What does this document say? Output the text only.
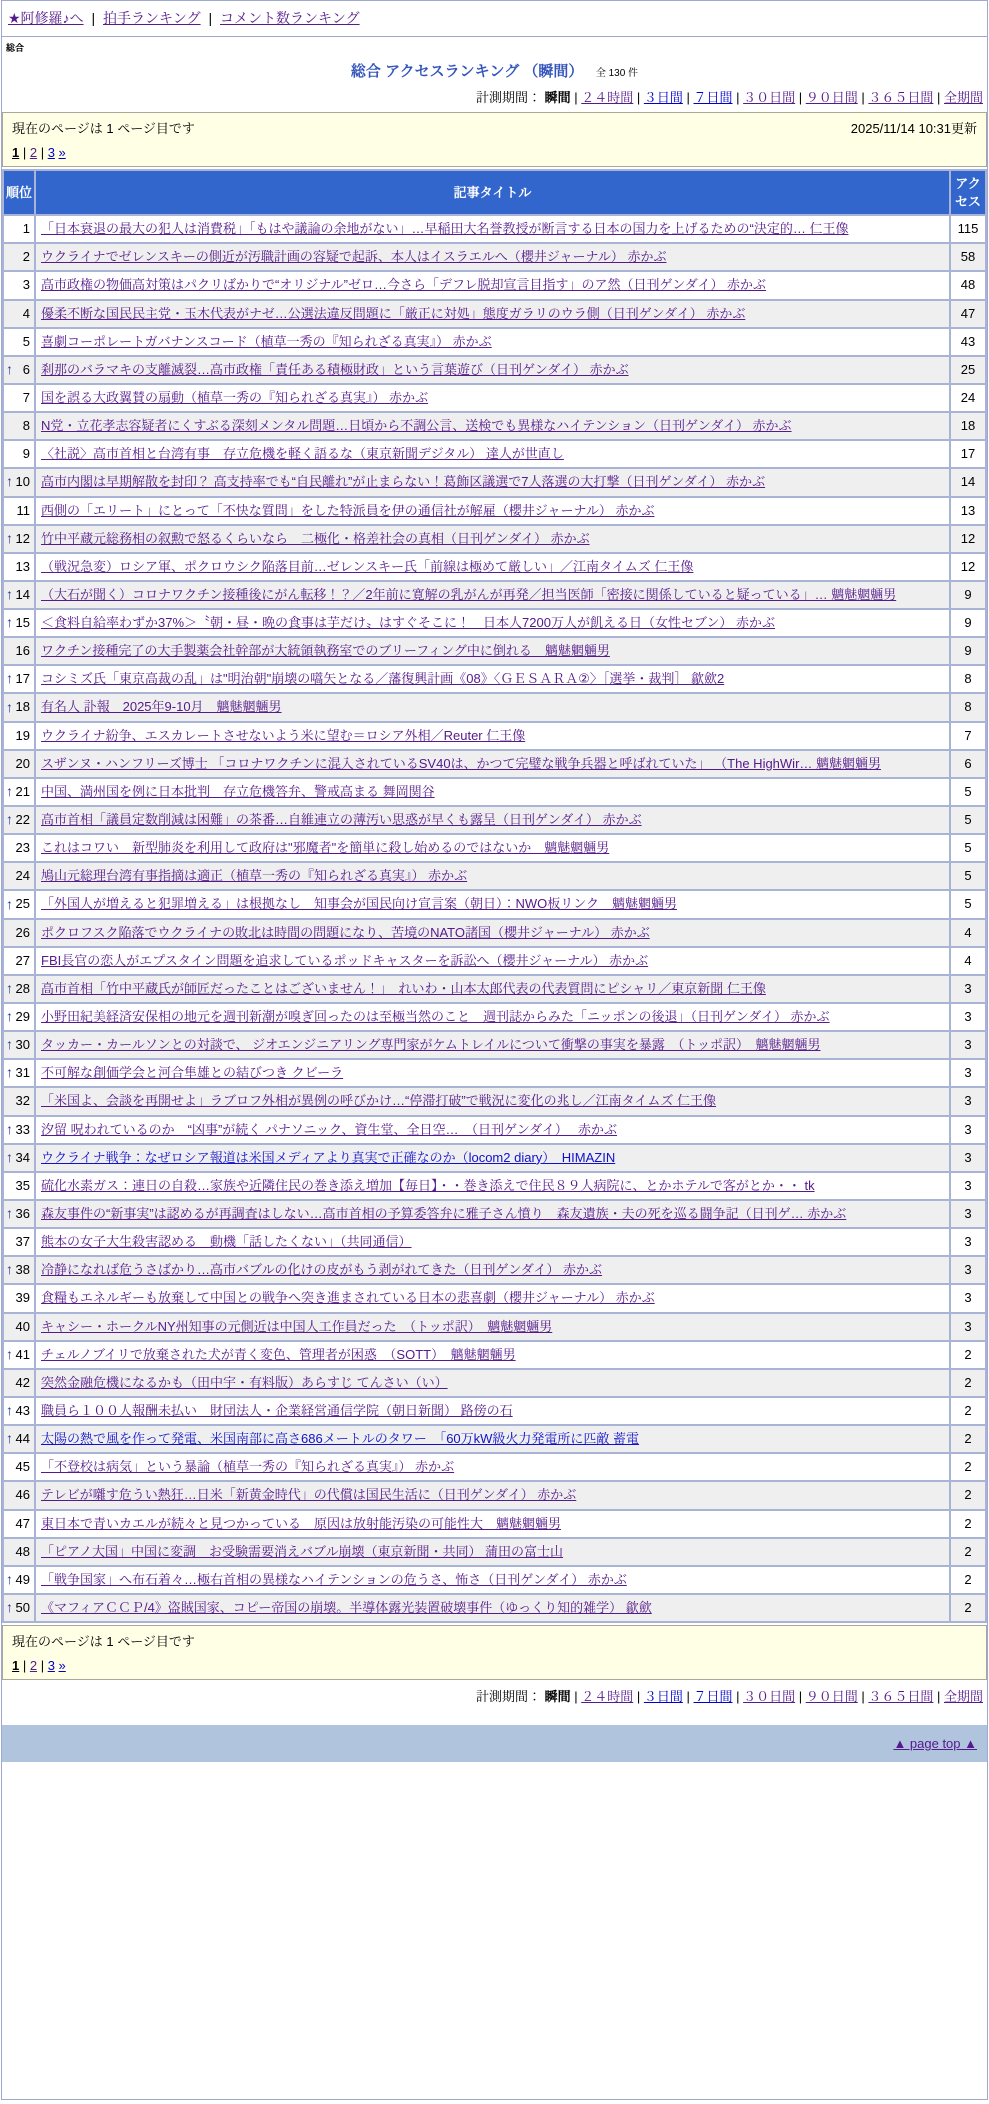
★阿修羅♪へ | 拍手ランキング | コメント数ランキング
総合
総合 アクセスランキング （瞬間） 全 130 件
計測期間： 瞬間 | ２４時間 | ３日間 | ７日間 | ３０日間 | ９０日間 | ３６５日間 | 全期間
現在のページは 1 ページ目です	2025/11/14 10:31更新
1 | 2 | 3 »
順位	記事タイトル	アクセス
1	「日本衰退の最大の犯人は消費税」「もはや議論の余地がない」…早稲田大名誉教授が断言する日本の国力を上げるための“決定的… 仁王像	115
2	ウクライナでゼレンスキーの側近が汚職計画の容疑で起訴、本人はイスラエルへ（櫻井ジャーナル） 赤かぶ	58
3	高市政権の物価高対策はパクリばかりで“オリジナル”ゼロ…今さら「デフレ脱却宣言目指す」のア然（日刊ゲンダイ） 赤かぶ	48
4	優柔不断な国民民主党・玉木代表がナゼ…公選法違反問題に「厳正に対処」態度ガラリのウラ側（日刊ゲンダイ） 赤かぶ	47
5	喜劇コーポレートガバナンスコード（植草一秀の『知られざる真実』） 赤かぶ	43

↑ 6	刹那のバラマキの支離滅裂…高市政権「責任ある積極財政」という言葉遊び（日刊ゲンダイ） 赤かぶ	25
7	国を誤る大政翼賛の扇動（植草一秀の『知られざる真実』） 赤かぶ	24
8	N党・立花孝志容疑者にくすぶる深刻メンタル問題…日頃から不調公言、送検でも異様なハイテンション（日刊ゲンダイ） 赤かぶ	18
9	〈社説〉高市首相と台湾有事　存立危機を軽く語るな（東京新聞デジタル） 達人が世直し	17

↑ 10	高市内閣は早期解散を封印？ 高支持率でも“自民離れ”が止まらない！葛飾区議選で7人落選の大打撃（日刊ゲンダイ） 赤かぶ	14
11	西側の「エリート」にとって「不快な質問」をした特派員を伊の通信社が解雇（櫻井ジャーナル） 赤かぶ	13

↑ 12	竹中平蔵元総務相の叙勲で怒るくらいなら　二極化・格差社会の真相（日刊ゲンダイ） 赤かぶ	12
13	（戦況急変）ロシア軍、ポクロウシク陥落目前…ゼレンスキー氏「前線は極めて厳しい」／江南タイムズ 仁王像	12

↑ 14	（大石が聞く）コロナワクチン接種後にがん転移！？／2年前に寛解の乳がんが再発／担当医師「密接に関係していると疑っている」… 魑魅魍魎男	9

↑ 15	＜食料自給率わずか37%＞〝朝・昼・晩の食事は芋だけ〟はすぐそこに！　日本人7200万人が飢える日（女性セブン） 赤かぶ	9
16	ワクチン接種完了の大手製薬会社幹部が大統領執務室でのブリーフィング中に倒れる　魑魅魍魎男	9

↑ 17	コシミズ氏「東京高裁の乱」は"明治朝"崩壊の嚆矢となる／藩復興計画《08》〈ＧＥＳＡＲＡ②〉［選挙・裁判］ 歙歛2	8

↑ 18	有名人 訃報　2025年9-10月　魑魅魍魎男	8
19	ウクライナ紛争、エスカレートさせないよう米に望む＝ロシア外相／Reuter 仁王像	7
20	スザンヌ・ハンフリーズ博士 「コロナワクチンに混入されているSV40は、かつて完璧な戦争兵器と呼ばれていた」 （The HighWir… 魑魅魍魎男	6

↑ 21	中国、満州国を例に日本批判　存立危機答弁、警戒高まる 舞岡関谷	5

↑ 22	高市首相「議員定数削減は困難」の茶番…自維連立の薄汚い思惑が早くも露呈（日刊ゲンダイ） 赤かぶ	5
23	これはコワい　新型肺炎を利用して政府は"邪魔者"を簡単に殺し始めるのではないか　魑魅魍魎男	5
24	鳩山元総理台湾有事指摘は適正（植草一秀の『知られざる真実』） 赤かぶ	5

↑ 25	「外国人が増えると犯罪増える」は根拠なし　知事会が国民向け宣言案（朝日）：NWO板リンク　魑魅魍魎男	5
26	ポクロフスク陥落でウクライナの敗北は時間の問題になり、苦境のNATO諸国（櫻井ジャーナル） 赤かぶ	4
27	FBI長官の恋人がエプスタイン問題を追求しているポッドキャスターを訴訟へ（櫻井ジャーナル） 赤かぶ	4

↑ 28	高市首相「竹中平蔵氏が師匠だったことはございません！」　れいわ・山本太郎代表の代表質問にピシャリ／東京新聞 仁王像	3

↑ 29	小野田紀美経済安保相の地元を週刊新潮が嗅ぎ回ったのは至極当然のこと　週刊誌からみた「ニッポンの後退」（日刊ゲンダイ） 赤かぶ	3

↑ 30	タッカー・カールソンとの対談で、 ジオエンジニアリング専門家がケムトレイルについて衝撃の事実を暴露　（トッポ訳）　魑魅魍魎男	3

↑ 31	不可解な創価学会と河合隼雄との結びつき クビーラ	3
32	「米国よ、会談を再開せよ」ラブロフ外相が異例の呼びかけ…“停滞打破”で戦況に変化の兆し／江南タイムズ 仁王像	3

↑ 33	汐留 呪われているのか　“凶事”が続く パナソニック、資生堂、全日空…　（日刊ゲンダイ）　 赤かぶ	3

↑ 34	ウクライナ戦争：なぜロシア報道は米国メディアより真実で正確なのか（locom2 diary）　HIMAZIN	3
35	硫化水素ガス：連日の自殺…家族や近隣住民の巻き添え増加【毎日】・・巻き添えで住民８９人病院に、とかホテルで客がとか・・ tk	3

↑ 36	森友事件の“新事実”は認めるが再調査はしない…高市首相の予算委答弁に雅子さん憤り　森友遺族・夫の死を巡る闘争記（日刊ゲ… 赤かぶ	3
37	熊本の女子大生殺害認める　動機「話したくない」（共同通信）	3

↑ 38	冷静になれば危うさばかり…高市バブルの化けの皮がもう剥がれてきた（日刊ゲンダイ） 赤かぶ	3
39	食糧もエネルギーも放棄して中国との戦争へ突き進まされている日本の悲喜劇（櫻井ジャーナル） 赤かぶ	3
40	キャシー・ホークルNY州知事の元側近は中国人工作員だった　（トッポ訳）　魑魅魍魎男	3

↑ 41	チェルノブイリで放棄された犬が青く変色、管理者が困惑　（SOTT）　魑魅魍魎男	2
42	突然金融危機になるかも（田中宇・有料版）あらすじ てんさい（い）	2

↑ 43	職員ら１００人報酬未払い　財団法人・企業経営通信学院（朝日新聞） 路傍の石	2

↑ 44	太陽の熱で風を作って発電、米国南部に高さ686メートルのタワー　「60万kW級火力発電所に匹敵 蓄電	2
45	「不登校は病気」という暴論（植草一秀の『知られざる真実』） 赤かぶ	2
46	テレビが囃す危うい熱狂…日米「新黄金時代」の代償は国民生活に（日刊ゲンダイ） 赤かぶ	2
47	東日本で青いカエルが続々と見つかっている　原因は放射能汚染の可能性大　魑魅魍魎男	2
48	「ピアノ大国」中国に変調　お受験需要消えバブル崩壊（東京新聞・共同） 蒲田の富士山	2

↑ 49	「戦争国家」へ布石着々…極右首相の異様なハイテンションの危うさ、怖さ（日刊ゲンダイ） 赤かぶ	2

↑ 50	《マフィアＣＣＰ/4》盗賊国家、コピー帝国の崩壊。半導体露光装置破壊事件（ゆっくり知的雑学） 歙歛	2
現在のページは 1 ページ目です
1 | 2 | 3 »
計測期間： 瞬間 | ２４時間 | ３日間 | ７日間 | ３０日間 | ９０日間 | ３６５日間 | 全期間
▲ page top ▲
